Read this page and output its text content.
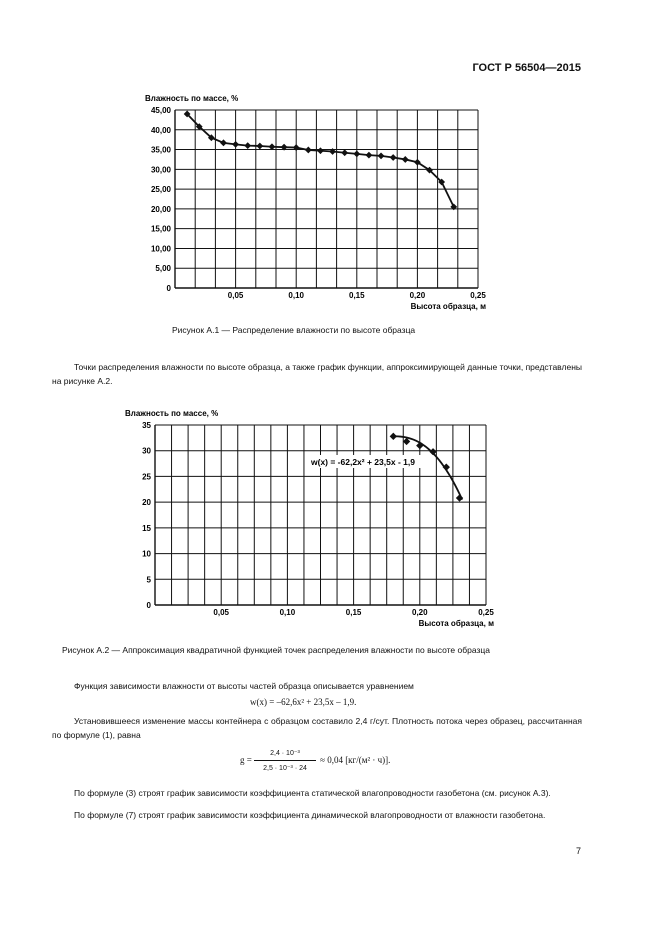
ГОСТ Р 56504—2015
0
5,00
10,00
15,00
20,00
25,00
30,00
35,00
40,00
45,00
0,05	0,10	0,15	0,20	0,25
Влажность по массе, %
Высота образца, м
Рисунок А.1 — Распределение влажности по высоте образца
Точки распределения влажности по высоте образца, а также график функции, аппроксимирующей данные точки, представлены на рисунке А.2.
0
5
10
15
20
25
30
35
0,05	0,10	0,15	0,20	0,25
Влажность по массе, %
Высота образца, м
w(x) = -62,2x² + 23,5x - 1,9
Рисунок А.2 — Аппроксимация квадратичной функцией точек распределения влажности по высоте образца
Функция зависимости влажности от высоты частей образца описывается уравнением
w(x) = –62,6x² + 23,5x – 1,9.
Установившееся изменение массы контейнера с образцом составило 2,4 г/сут. Плотность потока через образец, рассчитанная по формуле (1), равна
g =
2,4 · 10⁻³
2,5 · 10⁻³ · 24
≈ 0,04 [кг/(м² · ч)].
По формуле (3) строят график зависимости коэффициента статической влагопроводности газобетона (см. рисунок А.3).
По формуле (7) строят график зависимости коэффициента динамической влагопроводности от влажности газобетона.
7
